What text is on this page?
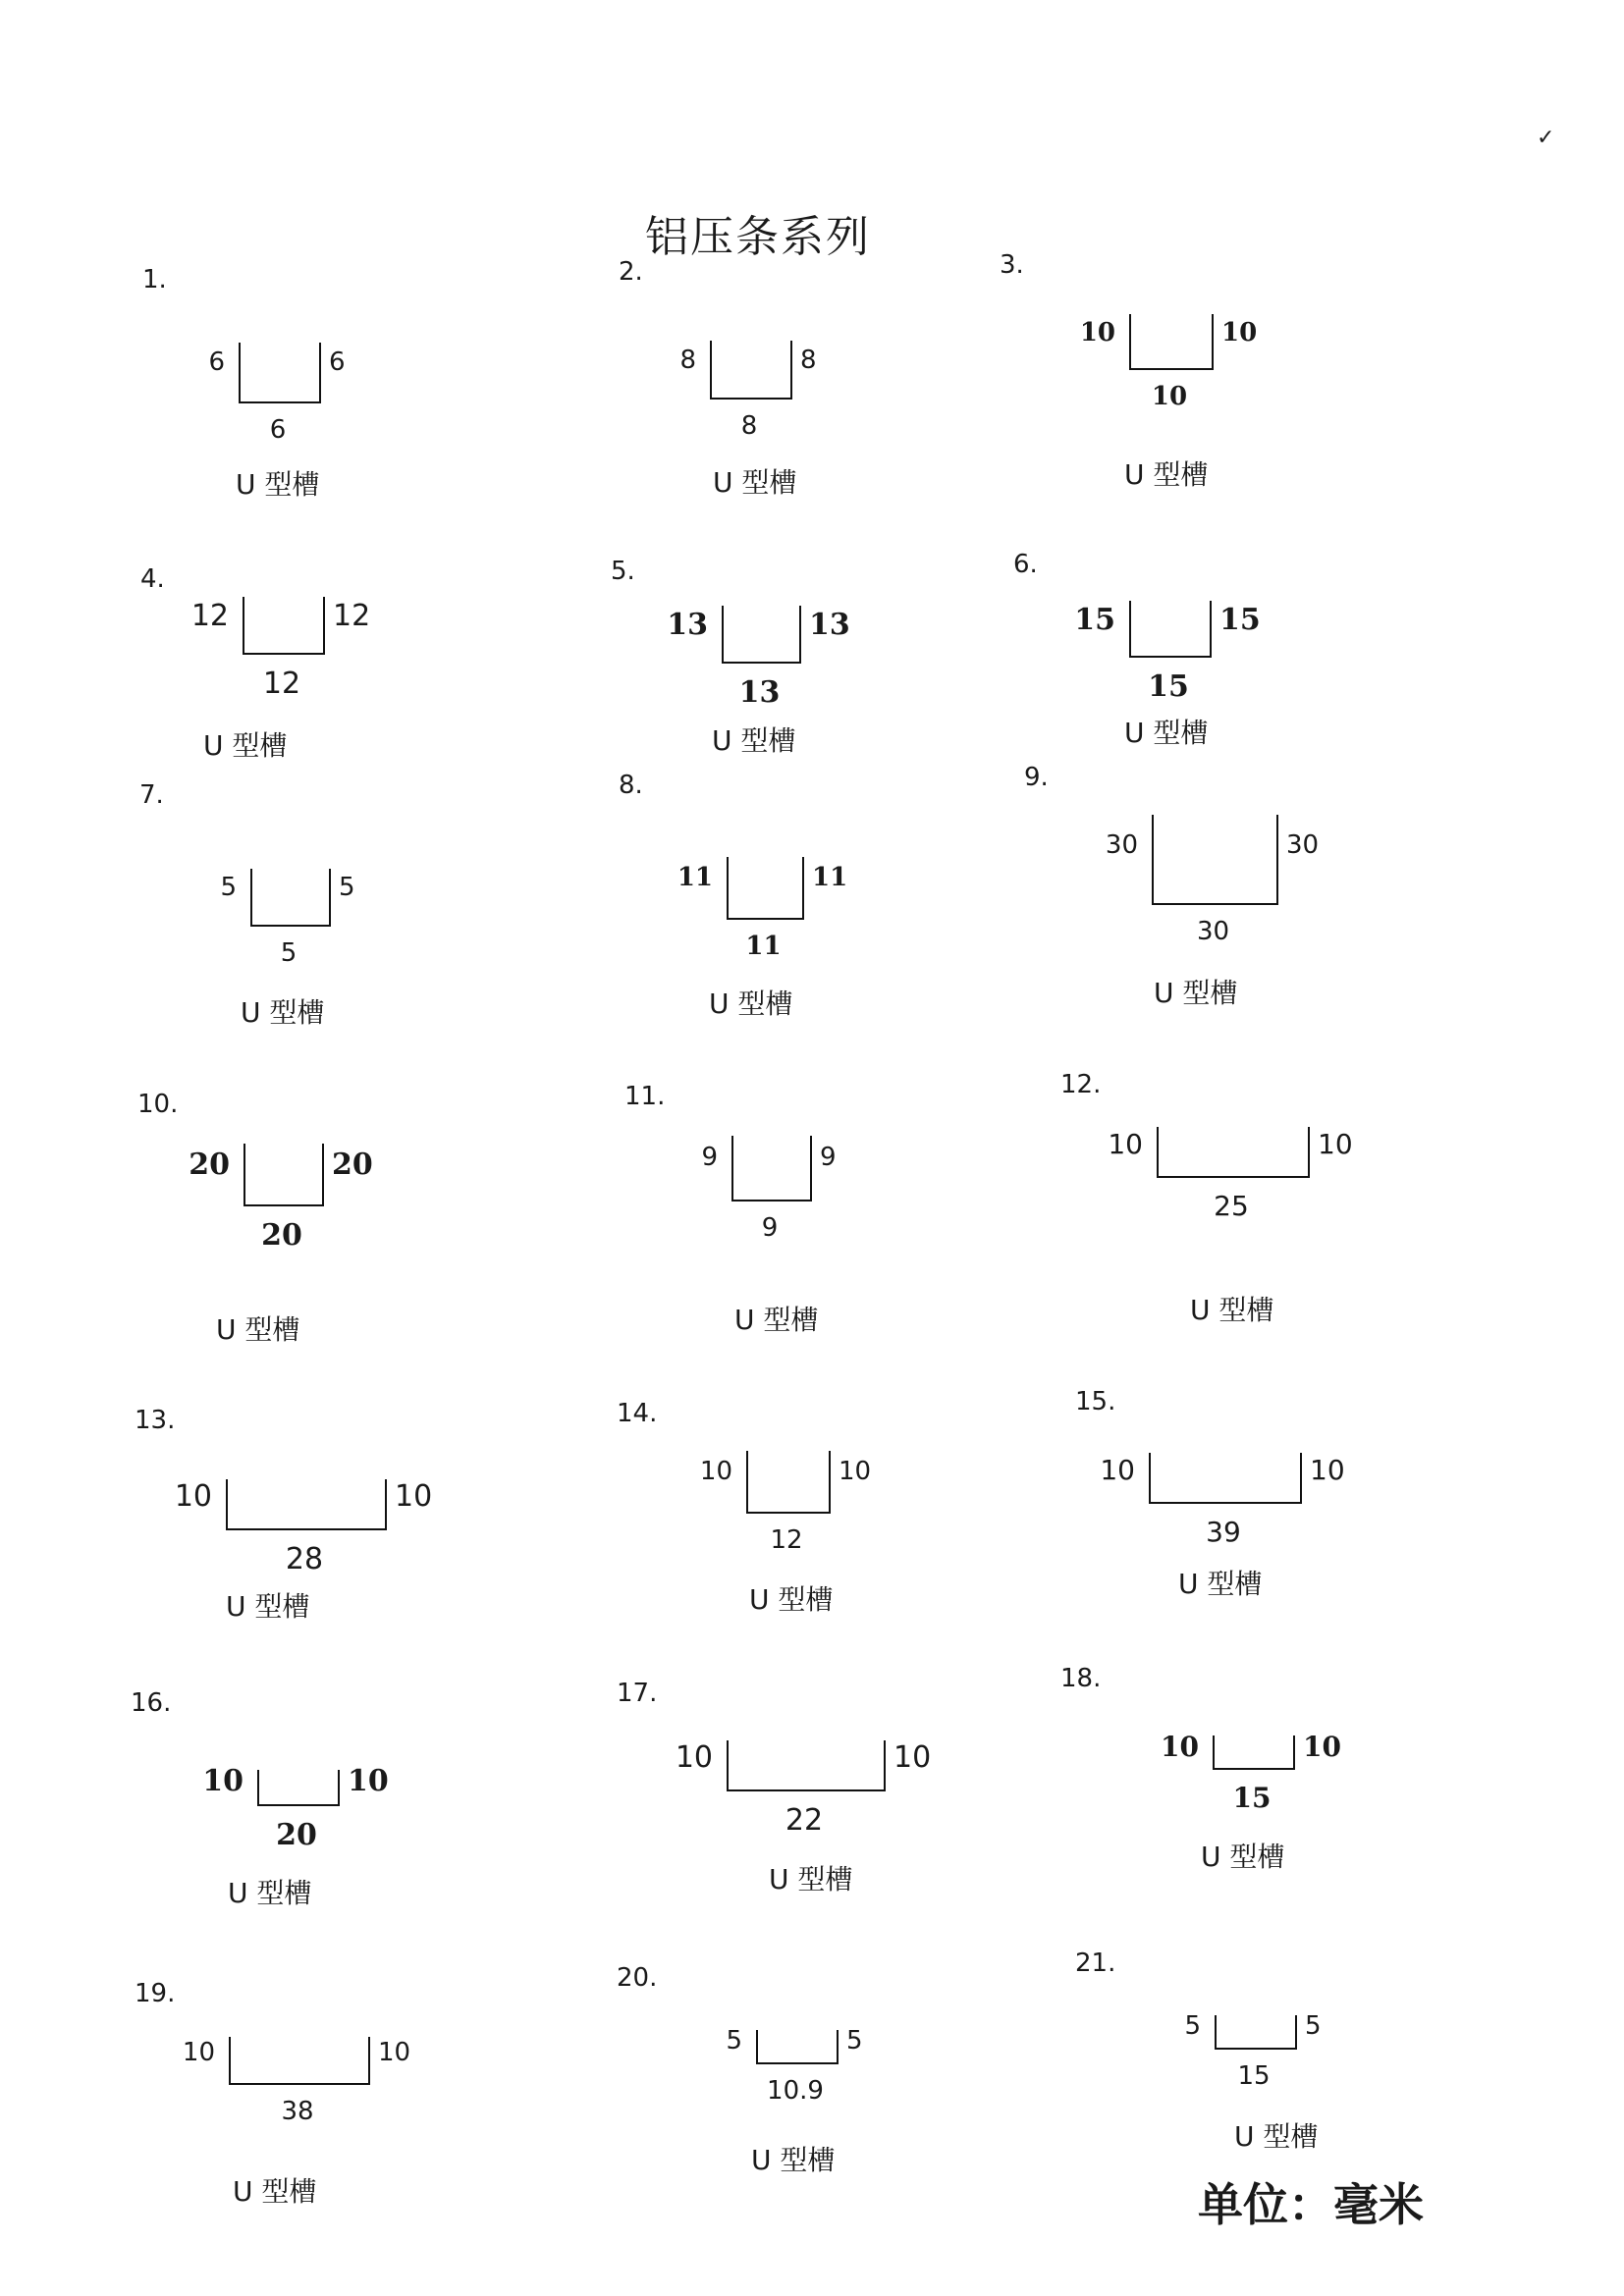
铝压条系列
✓
1.
6	6
6
U 型槽
2.
8	8
8
U 型槽
3.
10	10
10
U 型槽
4.
12	12
12
U 型槽
5.
13	13
13
U 型槽
6.
15	15
15
U 型槽
7.
5	5
5
U 型槽
8.
11	11
11
U 型槽
9.
30	30
30
U 型槽
10.
20	20
20
U 型槽
11.
9	9
9
U 型槽
12.
10	10
25
U 型槽
13.
10	10
28
U 型槽
14.
10	10
12
U 型槽
15.
10	10
39
U 型槽
16.
10	10
20
U 型槽
17.
10	10
22
U 型槽
18.
10	10
15
U 型槽
19.
10	10
38
U 型槽
20.
5	5
10.9
U 型槽
21.
5	5
15
U 型槽
单位：毫米
